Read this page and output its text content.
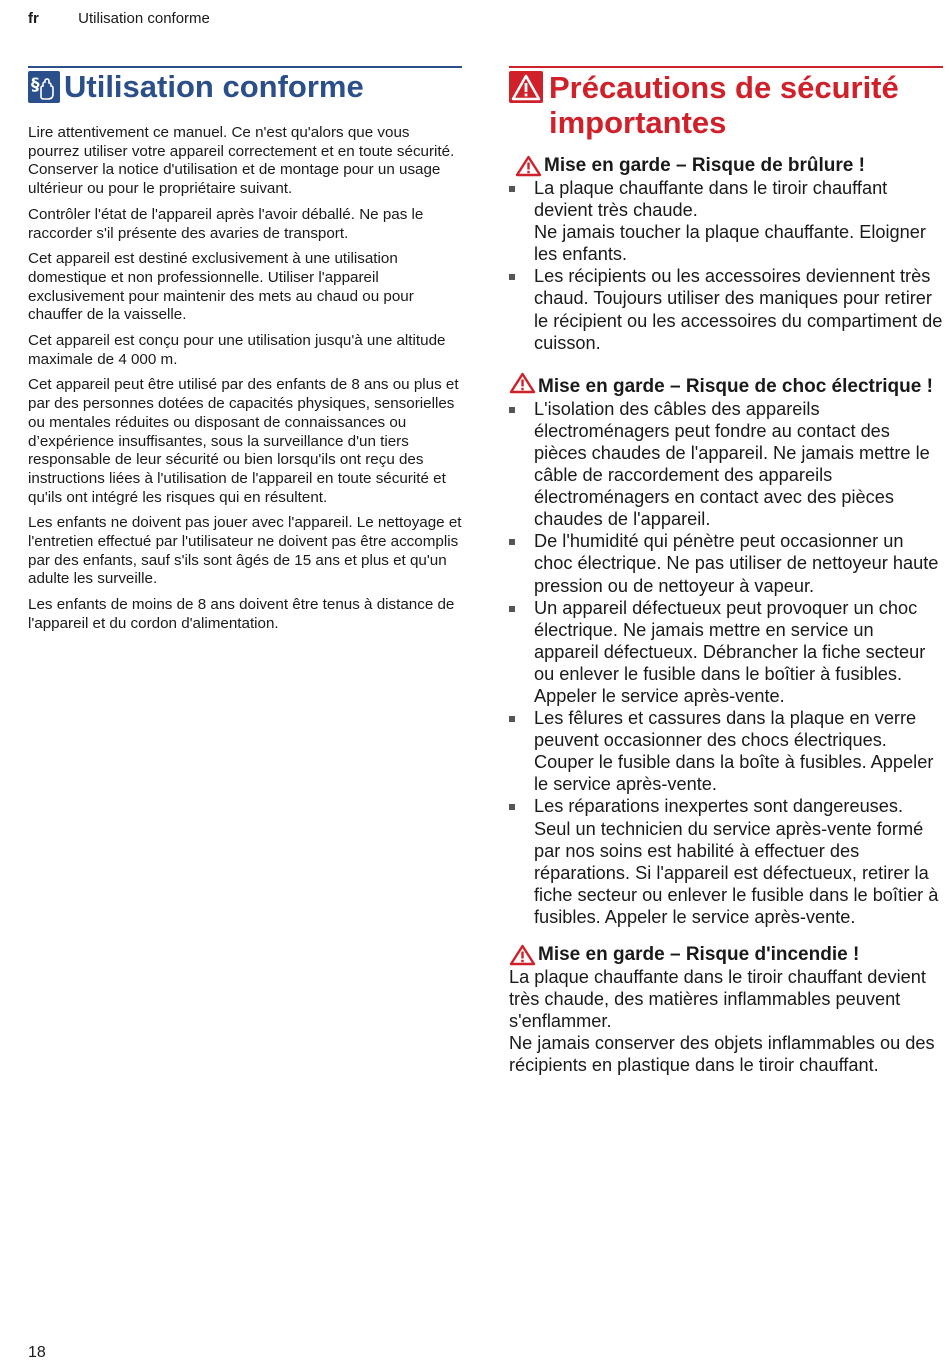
fr	Utilisation conforme
§ Utilisation conforme

Lire attentivement ce manuel. Ce n'est qu'alors que vous pourrez utiliser votre appareil correctement et en toute sécurité. Conserver la notice d'utilisation et de montage pour un usage ultérieur ou pour le propriétaire suivant.

Contrôler l'état de l'appareil après l'avoir déballé. Ne pas le raccorder s'il présente des avaries de transport.

Cet appareil est destiné exclusivement à une utilisation domestique et non professionnelle. Utiliser l'appareil exclusivement pour maintenir des mets au chaud ou pour chauffer de la vaisselle.

Cet appareil est conçu pour une utilisation jusqu'à une altitude maximale de 4 000 m.

Cet appareil peut être utilisé par des enfants de 8 ans ou plus et par des personnes dotées de capacités physiques, sensorielles ou mentales réduites ou disposant de connaissances ou d’expérience insuffisantes, sous la surveillance d'un tiers responsable de leur sécurité ou bien lorsqu'ils ont reçu des instructions liées à l'utilisation de l'appareil en toute sécurité et qu'ils ont intégré les risques qui en résultent.

Les enfants ne doivent pas jouer avec l'appareil. Le nettoyage et l'entretien effectué par l'utilisateur ne doivent pas être accomplis par des enfants, sauf s'ils sont âgés de 15 ans et plus et qu'un adulte les surveille.

Les enfants de moins de 8 ans doivent être tenus à distance de l'appareil et du cordon d'alimentation.

Précautions de sécurité
importantes
Mise en garde – Risque de brûlure !
La plaque chauffante dans le tiroir chauffant devient très chaude.
Ne jamais toucher la plaque chauffante. Eloigner les enfants.
Les récipients ou les accessoires deviennent très chaud. Toujours utiliser des maniques pour retirer le récipient ou les accessoires du compartiment de cuisson.
Mise en garde – Risque de choc électrique !
L'isolation des câbles des appareils électroménagers peut fondre au contact des pièces chaudes de l'appareil. Ne jamais mettre le câble de raccordement des appareils électroménagers en contact avec des pièces chaudes de l'appareil.
De l'humidité qui pénètre peut occasionner un choc électrique. Ne pas utiliser de nettoyeur haute pression ou de nettoyeur à vapeur.
Un appareil défectueux peut provoquer un choc électrique. Ne jamais mettre en service un appareil défectueux. Débrancher la fiche secteur ou enlever le fusible dans le boîtier à fusibles. Appeler le service après-vente.
Les fêlures et cassures dans la plaque en verre peuvent occasionner des chocs électriques. Couper le fusible dans la boîte à fusibles. Appeler le service après-vente.
Les réparations inexpertes sont dangereuses. Seul un technicien du service après-vente formé par nos soins est habilité à effectuer des réparations. Si l'appareil est défectueux, retirer la fiche secteur ou enlever le fusible dans le boîtier à fusibles. Appeler le service après-vente.
Mise en garde – Risque d'incendie !

La plaque chauffante dans le tiroir chauffant devient très chaude, des matières inflammables peuvent s'enflammer.

Ne jamais conserver des objets inflammables ou des récipients en plastique dans le tiroir chauffant.

18
